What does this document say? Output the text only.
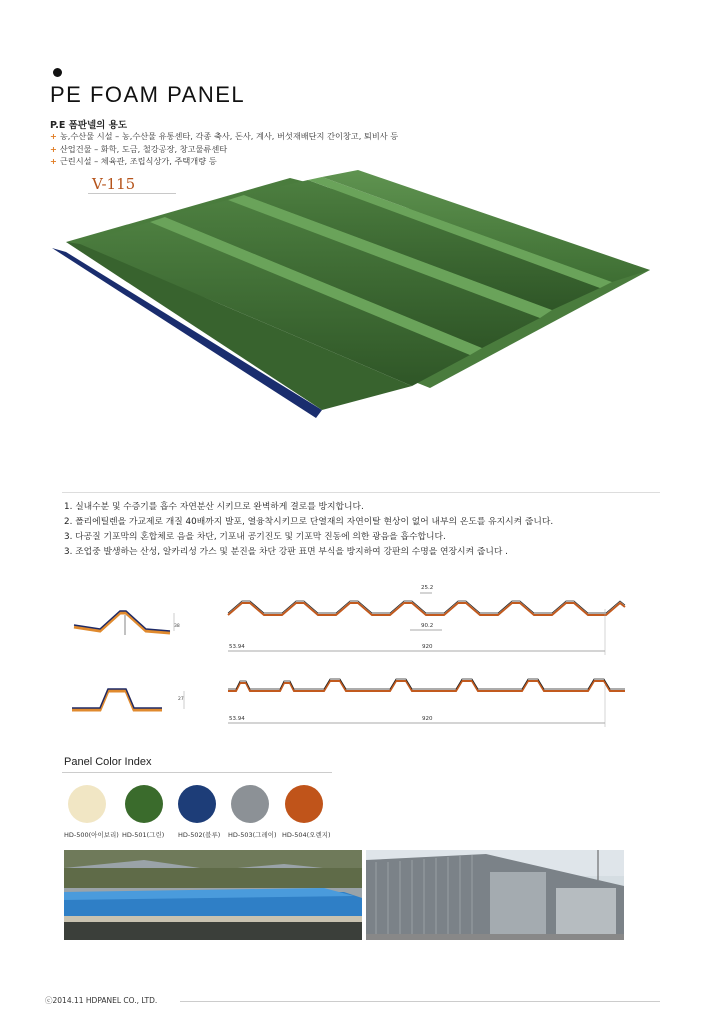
PE FOAM PANEL
P.E 폼판넬의 용도
+ 농,수산물 시설 – 농,수산물 유통센타, 각종 축사, 돈사, 계사, 버섯재배단지 간이창고, 퇴비사 등
+ 산업건물 – 화학, 도금, 철강공장, 창고물류센타
+ 근린시설 – 체육관, 조립식상가, 주택개량 등
V-115
1. 실내수분 및 수증기를 흡수 자연분산 시키므로 완벽하게 결로를 방지합니다.
2. 폴리에틸렌을 가교제로 개질 40배까지 발포, 열융착시키므로 단열재의 자연이탈 현상이 없어 내부의 온도를 유지시켜 줍니다.
3. 다공질 기포막의 혼합체로 음을 차단, 기포내 공기진도 및 기포막 진동에 의한 광음을 흡수합니다.
3. 조업중 발생하는 산성, 알카리성 가스 및 분진을 차단 강판 표면 부식을 방지하여 강판의 수명을 연장시켜 줍니다 .
38
25.2
90.2
53.94	920
27
53.94	920
Panel Color Index
HD-500(아이보리) HD-501(그린) HD-502(블루) HD-503(그레이) HD-504(오렌지)
ⓒ2014.11 HDPANEL CO., LTD.
